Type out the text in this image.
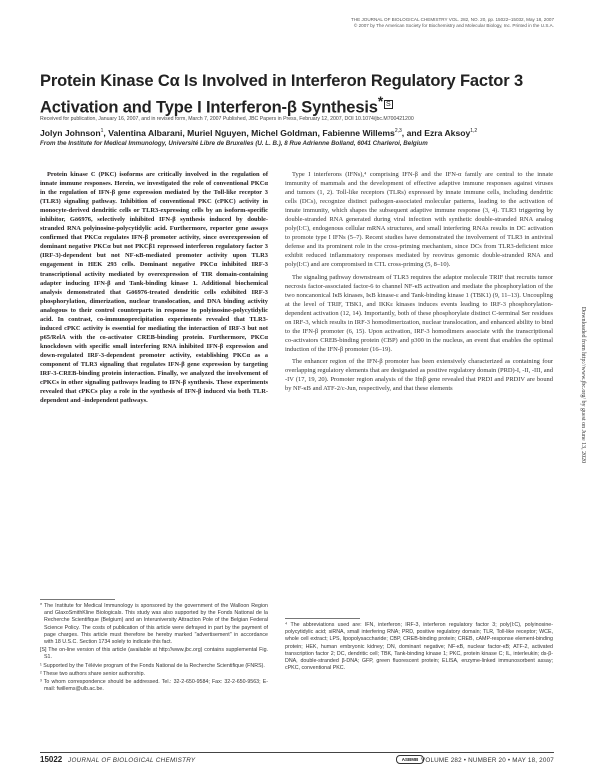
THE JOURNAL OF BIOLOGICAL CHEMISTRY VOL. 282, NO. 20, pp. 15022–15032, May 18, 2007
© 2007 by The American Society for Biochemistry and Molecular Biology, Inc. Printed in the U.S.A.
Protein Kinase Cα Is Involved in Interferon Regulatory Factor 3 Activation and Type I Interferon-β Synthesis* S
Received for publication, January 16, 2007, and in revised form, March 7, 2007 Published, JBC Papers in Press, February 12, 2007, DOI 10.1074/jbc.M700421200
Jolyn Johnson$^1$, Valentina Albarani, Muriel Nguyen, Michel Goldman, Fabienne Willems$^{2,3}$, and Ezra Aksoy$^{1,2}$
From the Institute for Medical Immunology, Université Libre de Bruxelles (U. L. B.), 8 Rue Adrienne Bolland, 6041 Charleroi, Belgium

Protein kinase C (PKC) isoforms are critically involved in the regulation of innate immune responses. Herein, we investigated the role of conventional PKCα in the regulation of IFN-β gene expression mediated by the Toll-like receptor 3 (TLR3) signaling pathway. Inhibition of conventional PKC (cPKC) activity in monocyte-derived dendritic cells or TLR3-expressing cells by an isoform-specific inhibitor, Gö6976, selectively inhibited IFN-β synthesis induced by double-stranded RNA polyinosine-polycytidylic acid. Furthermore, reporter gene assays confirmed that PKCα regulates IFN-β promoter activity, since overexpression of dominant negative PKCα but not PKCβ1 repressed interferon regulatory factor 3 (IRF-3)-dependent but not NF-κB-mediated promoter activity upon TLR3 engagement in HEK 293 cells. Dominant negative PKCα inhibited IRF-3 transcriptional activity mediated by overexpression of TIR domain-containing adapter inducing IFN-β and Tank-binding kinase 1. Additional biochemical analysis demonstrated that Gö6976-treated dendritic cells exhibited IRF-3 phosphorylation, dimerization, nuclear translocation, and DNA binding activity analogous to their control counterparts in response to polyinosine-polycytidylic acid. In contrast, co-immunoprecipitation experiments revealed that TLR3-induced cPKC activity is essential for mediating the interaction of IRF-3 but not p65/RelA with the co-activator CREB-binding protein. Furthermore, PKCα knockdown with specific small interfering RNA inhibited IFN-β expression and down-regulated IRF-3-dependent promoter activity, establishing PKCα as a component of TLR3 signaling that regulates IFN-β gene expression by targeting IRF-3-CREB-binding protein interaction. Finally, we analyzed the involvement of cPKCs in other signaling pathways leading to IFN-β synthesis. These experiments revealed that cPKCs play a role in the synthesis of IFN-β induced via both TLR-dependent and -independent pathways.

Type I interferons (IFNs),⁴ comprising IFN-β and the IFN-α family are central to the innate immunity of mammals and the development of effective adaptive immune responses against viruses and tumors (1, 2). Toll-like receptors (TLRs) expressed by innate immune cells, including dendritic cells (DCs), recognize distinct pathogen-associated molecular patterns, leading to the activation of innate immunity, which shapes the subsequent adaptive immune response (3, 4). TLR3 triggering by double-stranded RNA generated during viral infection with synthetic double-stranded RNA analog poly(I:C), endogenous cellular mRNA structures, and small interfering RNAs results in DC activation to promote type I IFNs (5–7). Recent studies have demonstrated the involvement of TLR3 in antiviral defense and its prominent role in the cross-priming mechanism, since DCs from TLR3-deficient mice exhibit reduced inflammatory responses mediated by reovirus genomic double-stranded RNA and poly(I:C) and are compromised in CTL cross-priming (5, 8–10).

The signaling pathway downstream of TLR3 requires the adaptor molecule TRIF that recruits tumor necrosis factor-associated factor-6 to channel NF-κB activation and mediate the phosphorylation of the two noncanonical IκB kinases, IκB kinase-ε and Tank-binding kinase 1 (TBK1) (9, 11–13). Uncoupling at the level of TRIF, TBK1, and IKKε kinases induces events leading to IRF-3 phosphorylation-dependent activation (12, 14). Importantly, both of these phosphorylate distinct C-terminal Ser residues on IRF-3, which results in IRF-3 homodimerization, nuclear translocation, and enhanced ability to bind to the IFN-β promoter (6, 15). Upon activation, IRF-3 homodimers associate with the transcriptional co-activators CREB-binding protein (CBP) and p300 in the nucleus, an event that enables the optimal induction of the IFN-β promoter (16–19).

The enhancer region of the IFN-β promoter has been extensively characterized as containing four overlapping regulatory elements that are designated as positive regulatory domain (PRD)-I, -II, -III, and -IV (17, 19, 20). Promoter region analysis of the Ifnβ gene revealed that PRDI and PRDIV are bound by NF-κB and ATF-2/c-Jun, respectively, and that these elements

* The Institute for Medical Immunology is sponsored by the government of the Walloon Region and GlaxoSmithKline Biologicals. This study was also supported by the Fonds National de la Recherche Scientifique (Belgium) and an Interuniversity Attraction Pole of the Belgian Federal Science Policy. The costs of publication of this article were defrayed in part by the payment of page charges. This article must therefore be hereby marked "advertisement" in accordance with 18 U.S.C. Section 1734 solely to indicate this fact.

[S] The on-line version of this article (available at http://www.jbc.org) contains supplemental Fig. S1.

¹ Supported by the Télévie program of the Fonds National de la Recherche Scientifique (FNRS).

² These two authors share senior authorship.

³ To whom correspondence should be addressed. Tel.: 32-2-650-9584; Fax: 32-2-650-9563; E-mail: fwillems@ulb.ac.be.

⁴ The abbreviations used are: IFN, interferon; IRF-3, interferon regulatory factor 3; poly(I:C), polyinosine-polycytidylic acid; siRNA, small interfering RNA; PRD, positive regulatory domain; TLR, Toll-like receptor; WCE, whole cell extract; LPS, lipopolysaccharide; CBP, CREB-binding protein; CREB, cAMP-response element-binding protein; HEK, human embryonic kidney; DN, dominant negative; NF-κB, nuclear factor-κB; ATF-2, activated transcription factor 2; DC, dendritic cell; TBK, Tank-binding kinase 1; PKC, protein kinase C; IL, interleukin; ds-β-DNA, double-stranded β-DNA; GFP, green fluorescent protein; ELISA, enzyme-linked immunosorbent assay; cPKC, conventional PKC.
Downloaded from http://www.jbc.org/ by guest on June 13, 2020
15022 JOURNAL OF BIOLOGICAL CHEMISTRY	ASBMB VOLUME 282 • NUMBER 20 • MAY 18, 2007
